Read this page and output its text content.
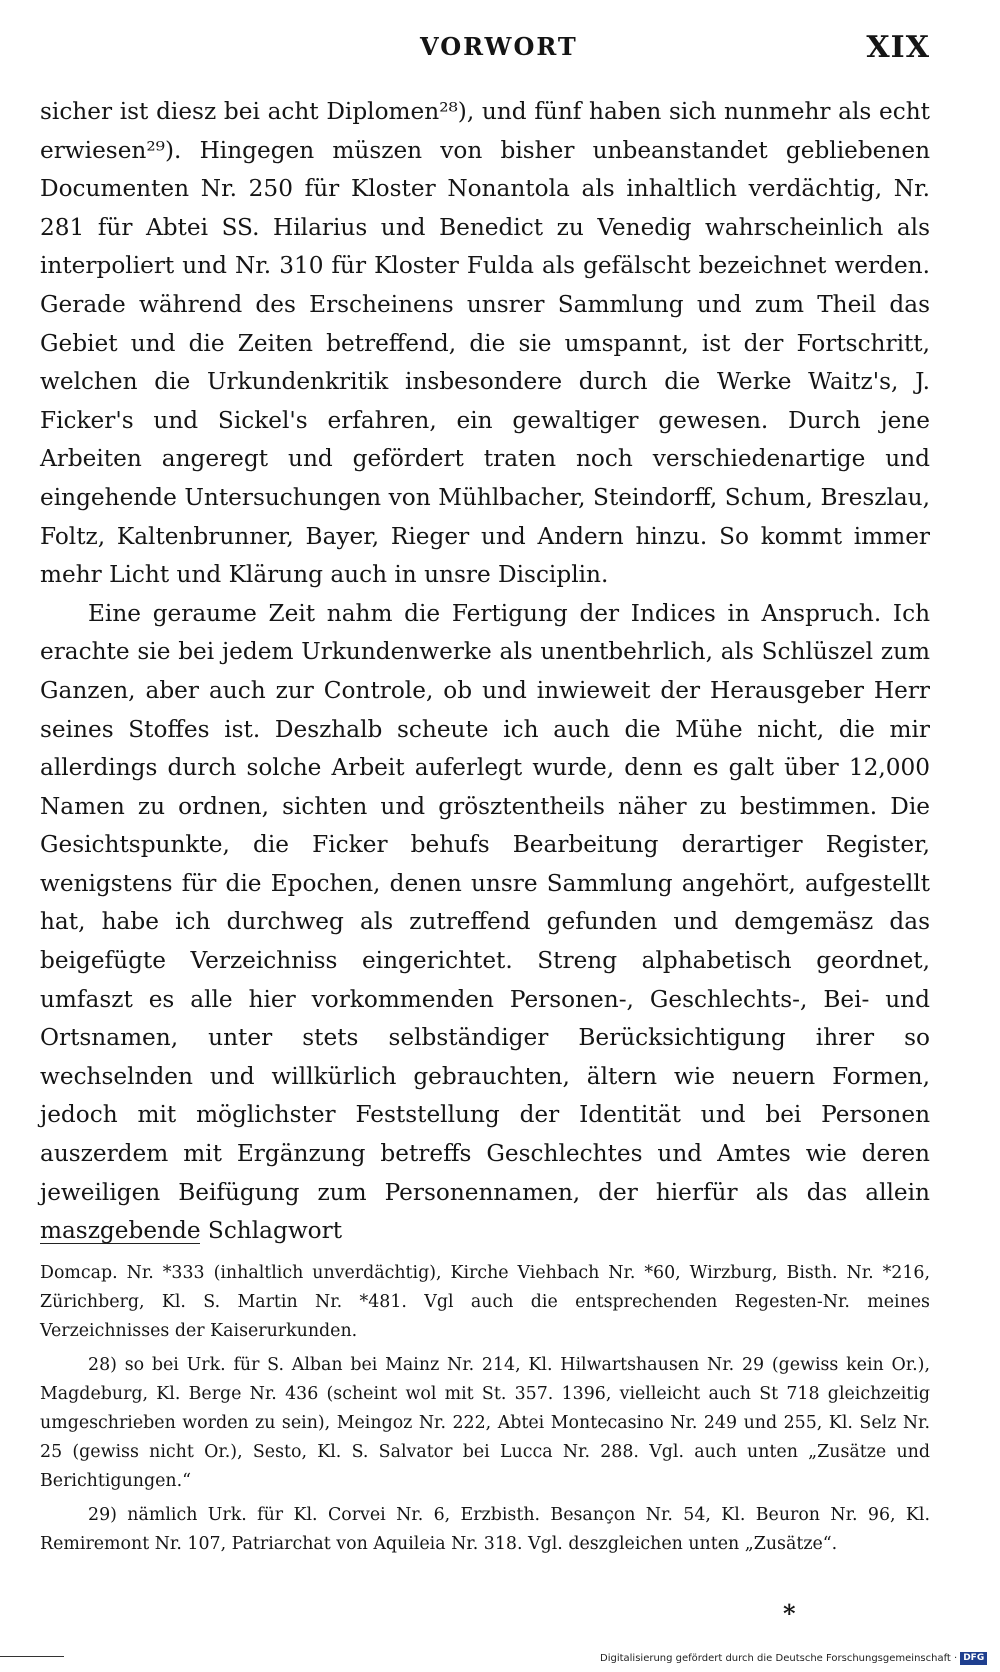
VORWORT	XIX

sicher ist diesz bei acht Diplomen²⁸), und fünf haben sich nunmehr als echt erwiesen²⁹). Hingegen müszen von bisher unbeanstandet gebliebenen Documenten Nr. 250 für Kloster Nonantola als inhaltlich verdächtig, Nr. 281 für Abtei SS. Hilarius und Benedict zu Venedig wahrscheinlich als interpoliert und Nr. 310 für Kloster Fulda als gefälscht bezeichnet werden. Gerade während des Erscheinens unsrer Sammlung und zum Theil das Gebiet und die Zeiten betreffend, die sie umspannt, ist der Fortschritt, welchen die Urkundenkritik insbesondere durch die Werke Waitz's, J. Ficker's und Sickel's erfahren, ein gewaltiger gewesen. Durch jene Arbeiten angeregt und gefördert traten noch verschiedenartige und eingehende Untersuchungen von Mühlbacher, Steindorff, Schum, Breszlau, Foltz, Kaltenbrunner, Bayer, Rieger und Andern hinzu. So kommt immer mehr Licht und Klärung auch in unsre Disciplin.

Eine geraume Zeit nahm die Fertigung der Indices in Anspruch. Ich erachte sie bei jedem Urkundenwerke als unentbehrlich, als Schlüszel zum Ganzen, aber auch zur Controle, ob und inwieweit der Herausgeber Herr seines Stoffes ist. Deszhalb scheute ich auch die Mühe nicht, die mir allerdings durch solche Arbeit auferlegt wurde, denn es galt über 12,000 Namen zu ordnen, sichten und grösztentheils näher zu bestimmen. Die Gesichtspunkte, die Ficker behufs Bearbeitung derartiger Register, wenigstens für die Epochen, denen unsre Sammlung angehört, aufgestellt hat, habe ich durchweg als zutreffend gefunden und demgemäsz das beigefügte Verzeichniss eingerichtet. Streng alphabetisch geordnet, umfaszt es alle hier vorkommenden Personen-, Geschlechts-, Bei- und Ortsnamen, unter stets selbständiger Berücksichtigung ihrer so wechselnden und willkürlich gebrauchten, ältern wie neuern Formen, jedoch mit möglichster Feststellung der Identität und bei Personen auszerdem mit Ergänzung betreffs Geschlechtes und Amtes wie deren jeweiligen Beifügung zum Personennamen, der hierfür als das allein maszgebende Schlagwort

Domcap. Nr. *333 (inhaltlich unverdächtig), Kirche Viehbach Nr. *60, Wirzburg, Bisth. Nr. *216, Zürichberg, Kl. S. Martin Nr. *481. Vgl auch die entsprechenden Regesten-Nr. meines Verzeichnisses der Kaiserurkunden.

28) so bei Urk. für S. Alban bei Mainz Nr. 214, Kl. Hilwartshausen Nr. 29 (gewiss kein Or.), Magdeburg, Kl. Berge Nr. 436 (scheint wol mit St. 357. 1396, vielleicht auch St 718 gleichzeitig umgeschrieben worden zu sein), Meingoz Nr. 222, Abtei Montecasino Nr. 249 und 255, Kl. Selz Nr. 25 (gewiss nicht Or.), Sesto, Kl. S. Salvator bei Lucca Nr. 288. Vgl. auch unten „Zusätze und Berichtigungen.“

29) nämlich Urk. für Kl. Corvei Nr. 6, Erzbisth. Besançon Nr. 54, Kl. Beuron Nr. 96, Kl. Remiremont Nr. 107, Patriarchat von Aquileia Nr. 318. Vgl. deszgleichen unten „Zusätze“.

*
Digitalisierung gefördert durch die Deutsche Forschungsgemeinschaft · DFG
